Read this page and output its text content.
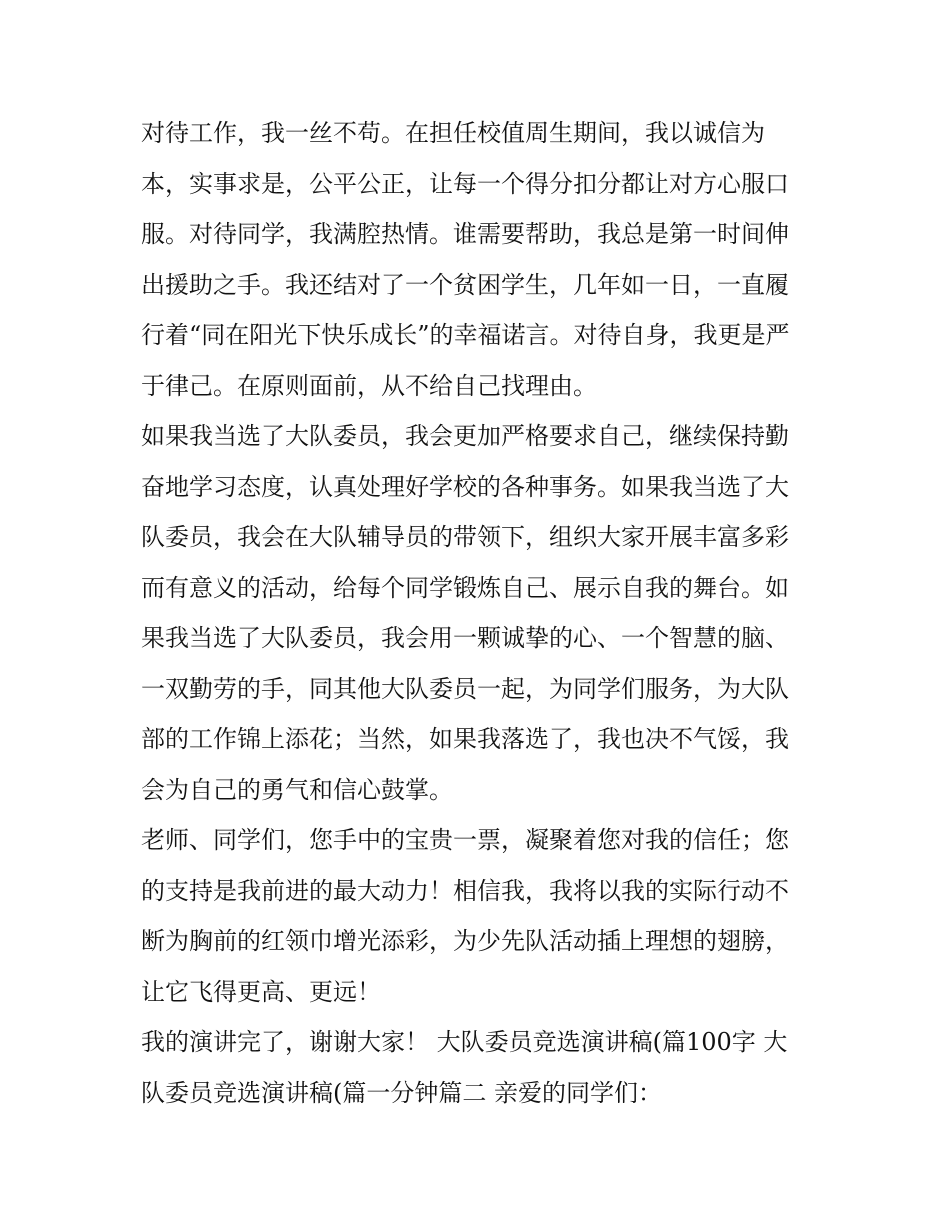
对待工作，我一丝不苟。在担任校值周生期间，我以诚信为
本，实事求是，公平公正，让每一个得分扣分都让对方心服口
服。对待同学，我满腔热情。谁需要帮助，我总是第一时间伸
出援助之手。我还结对了一个贫困学生，几年如一日，一直履
行着“同在阳光下快乐成长”的幸福诺言。对待自身，我更是严
于律己。在原则面前，从不给自己找理由。
如果我当选了大队委员，我会更加严格要求自己，继续保持勤
奋地学习态度，认真处理好学校的各种事务。如果我当选了大
队委员，我会在大队辅导员的带领下，组织大家开展丰富多彩
而有意义的活动，给每个同学锻炼自己、展示自我的舞台。如
果我当选了大队委员，我会用一颗诚挚的心、一个智慧的脑、
一双勤劳的手，同其他大队委员一起，为同学们服务，为大队
部的工作锦上添花；当然，如果我落选了，我也决不气馁，我
会为自己的勇气和信心鼓掌。
老师、同学们，您手中的宝贵一票，凝聚着您对我的信任；您
的支持是我前进的最大动力！相信我，我将以我的实际行动不
断为胸前的红领巾增光添彩，为少先队活动插上理想的翅膀，
让它飞得更高、更远！
我的演讲完了，谢谢大家！ 大队委员竞选演讲稿(篇100字 大
队委员竞选演讲稿(篇一分钟篇二 亲爱的同学们：
